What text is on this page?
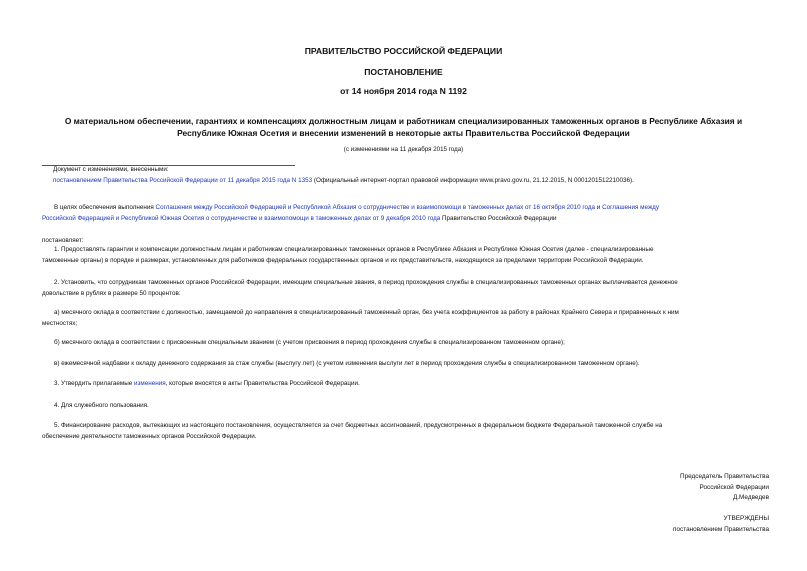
ПРАВИТЕЛЬСТВО РОССИЙСКОЙ ФЕДЕРАЦИИ
ПОСТАНОВЛЕНИЕ
от 14 ноября 2014 года N 1192
О материальном обеспечении, гарантиях и компенсациях должностным лицам и работникам специализированных таможенных органов в Республике Абхазия и
Республике Южная Осетия и внесении изменений в некоторые акты Правительства Российской Федерации
(с изменениями на 11 декабря 2015 года)
Документ с изменениями, внесенными:
постановлением Правительства Российской Федерации от 11 декабря 2015 года N 1353 (Официальный интернет-портал правовой информации www.pravo.gov.ru, 21.12.2015, N 0001201512210036).
В целях обеспечения выполнения Соглашения между Российской Федерацией и Республикой Абхазия о сотрудничестве и взаимопомощи в таможенных делах от 16 октября 2010 года и Соглашения между
Российской Федерацией и Республикой Южная Осетия о сотрудничестве и взаимопомощи в таможенных делах от 9 декабря 2010 года Правительство Российской Федерации
постановляет:
1. Предоставлять гарантии и компенсации должностным лицам и работникам специализированных таможенных органов в Республике Абхазия и Республике Южная Осетия (далее - специализированные
таможенные органы) в порядке и размерах, установленных для работников федеральных государственных органов и их представительств, находящихся за пределами территории Российской Федерации.
2. Установить, что сотрудникам таможенных органов Российской Федерации, имеющим специальные звания, в период прохождения службы в специализированных таможенных органах выплачивается денежное
довольствие в рублях в размере 50 процентов:
а) месячного оклада в соответствии с должностью, замещаемой до направления в специализированный таможенный орган, без учета коэффициентов за работу в районах Крайнего Севера и приравненных к ним
местностях;
б) месячного оклада в соответствии с присвоенным специальным званием (с учетом присвоения в период прохождения службы в специализированном таможенном органе);
в) ежемесячной надбавки к окладу денежного содержания за стаж службы (выслугу лет) (с учетом изменения выслуги лет в период прохождения службы в специализированном таможенном органе).
3. Утвердить прилагаемые изменения, которые вносятся в акты Правительства Российской Федерации.
4. Для служебного пользования.
5. Финансирование расходов, вытекающих из настоящего постановления, осуществляется за счет бюджетных ассигнований, предусмотренных в федеральном бюджете Федеральной таможенной службе на
обеспечение деятельности таможенных органов Российской Федерации.
Председатель Правительства
Российской Федерации
Д.Медведев
УТВЕРЖДЕНЫ
постановлением Правительства
